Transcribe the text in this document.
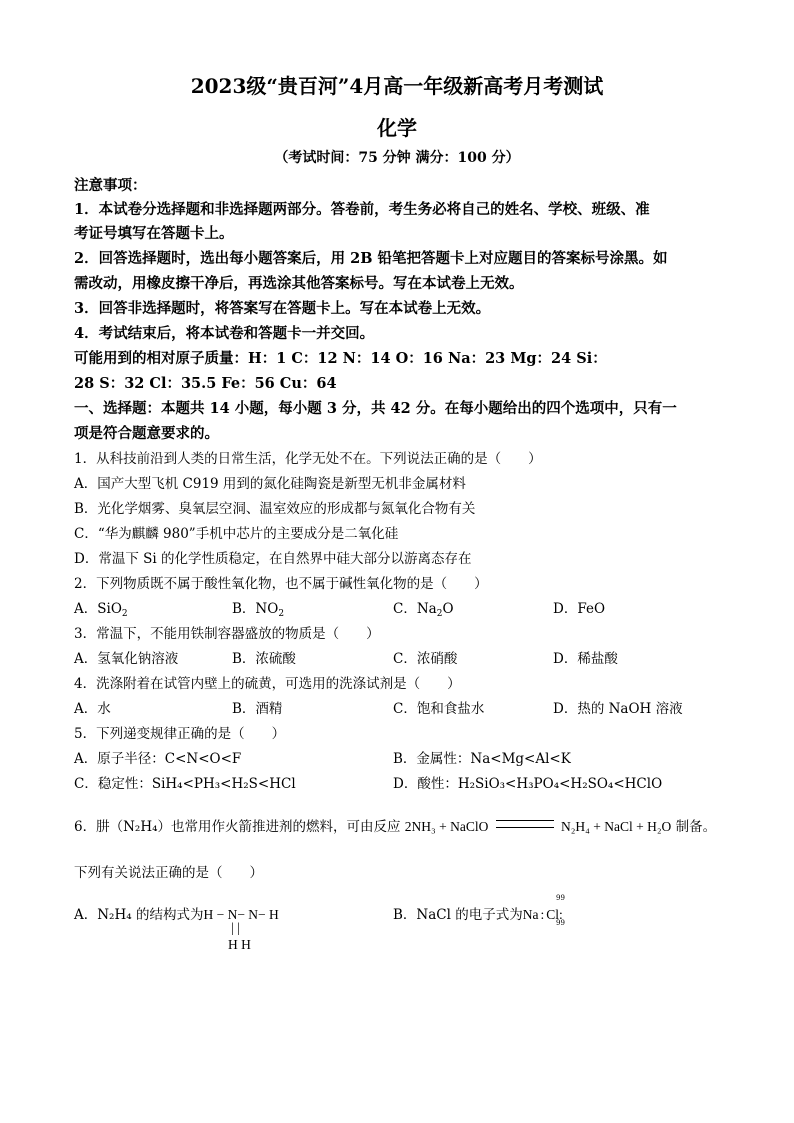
2023级“贵百河”4月高一年级新高考月考测试
化学
（考试时间：75 分钟 满分：100 分）
注意事项：
1．本试卷分选择题和非选择题两部分。答卷前，考生务必将自己的姓名、学校、班级、准
考证号填写在答题卡上。
2．回答选择题时，选出每小题答案后，用 2B 铅笔把答题卡上对应题目的答案标号涂黑。如
需改动，用橡皮擦干净后，再选涂其他答案标号。写在本试卷上无效。
3．回答非选择题时，将答案写在答题卡上。写在本试卷上无效。
4．考试结束后，将本试卷和答题卡一并交回。
可能用到的相对原子质量：H：1 C：12 N：14 O：16 Na：23 Mg：24 Si：
28 S：32 Cl：35.5 Fe：56 Cu：64
一、选择题：本题共 14 小题，每小题 3 分，共 42 分。在每小题给出的四个选项中，只有一
项是符合题意要求的。
1．从科技前沿到人类的日常生活，化学无处不在。下列说法正确的是（　　）
A．国产大型飞机 C919 用到的氮化硅陶瓷是新型无机非金属材料
B．光化学烟雾、臭氧层空洞、温室效应的形成都与氮氧化合物有关
C．“华为麒麟 980”手机中芯片的主要成分是二氧化硅
D．常温下 Si 的化学性质稳定，在自然界中硅大部分以游离态存在
2．下列物质既不属于酸性氧化物，也不属于碱性氧化物的是（　　）
A．SiO$_2$	B．$NO_2$	C．$Na_2O$	D．FeO
3．常温下，不能用铁制容器盛放的物质是（　　）
A．氢氧化钠溶液	B．浓硫酸	C．浓硝酸	D．稀盐酸
4．洗涤附着在试管内壁上的硫黄，可选用的洗涤试剂是（　　）
A．水	B．酒精	C．饱和食盐水	D．热的 NaOH 溶液
5．下列递变规律正确的是（　　）
A．原子半径：C<N<O<F	B．金属性：Na<Mg<Al<K
C．稳定性：SiH₄<PH₃<H₂S<HCl	D．酸性：H₂SiO₃<H₃PO₄<H₂SO₄<HClO
6．肼（N₂H₄）也常用作火箭推进剂的燃料，可由反应 2NH₃ + NaClO	N₂H₄ + NaCl + H₂O 制备。
下列有关说法正确的是（　　）
A．N₂H₄ 的结构式为H − N− N− H
| |
H H
B．NaCl 的电子式为Na : Cl:
99
99
